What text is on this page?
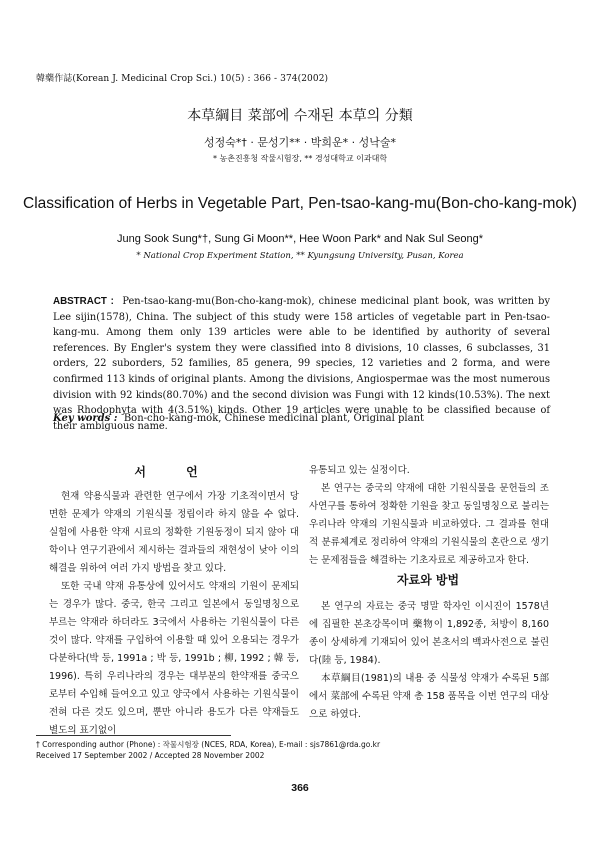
韓藥作誌(Korean J. Medicinal Crop Sci.) 10(5) : 366 - 374(2002)
本草綱目 菜部에 수재된 本草의 分類
성정숙*† · 문성기** · 박희운* · 성낙술*
* 농촌진흥청 작물시험장, ** 경성대학교 이과대학
Classification of Herbs in Vegetable Part, Pen-tsao-kang-mu(Bon-cho-kang-mok)
Jung Sook Sung*†, Sung Gi Moon**, Hee Woon Park* and Nak Sul Seong*
* National Crop Experiment Station, ** Kyungsung University, Pusan, Korea
ABSTRACT : Pen-tsao-kang-mu(Bon-cho-kang-mok), chinese medicinal plant book, was written by Lee sijin(1578), China. The subject of this study were 158 articles of vegetable part in Pen-tsao-kang-mu. Among them only 139 articles were able to be identified by authority of several references. By Engler's system they were classified into 8 divisions, 10 classes, 6 subclasses, 31 orders, 22 suborders, 52 families, 85 genera, 99 species, 12 varieties and 2 forma, and were confirmed 113 kinds of original plants. Among the divisions, Angiospermae was the most numerous division with 92 kinds(80.70%) and the second division was Fungi with 12 kinds(10.53%). The next was Rhodophyta with 4(3.51%) kinds. Other 19 articles were unable to be classified because of their ambiguous name.
Key words : Bon-cho-kang-mok, Chinese medicinal plant, Original plant
서 언

현재 약용식물과 관련한 연구에서 가장 기초적이면서 당면한 문제가 약재의 기원식물 정립이라 하지 않을 수 없다. 실험에 사용한 약재 시료의 정확한 기원동정이 되지 않아 대학이나 연구기관에서 제시하는 결과들의 재현성이 낮아 이의 해결을 위하여 여러 가지 방법을 찾고 있다.

또한 국내 약재 유통상에 있어서도 약재의 기원이 문제되는 경우가 많다. 중국, 한국 그리고 일본에서 동일명칭으로 부르는 약재라 하더라도 3국에서 사용하는 기원식물이 다른 것이 많다. 약재를 구입하여 이용할 때 있어 오용되는 경우가 다분하다(박 등, 1991a ; 박 등, 1991b ; 柳, 1992 ; 韓 등, 1996). 특히 우리나라의 경우는 대부분의 한약재를 중국으로부터 수입해 들여오고 있고 양국에서 사용하는 기원식물이 전혀 다른 것도 있으며, 뿐만 아니라 용도가 다른 약재들도 별도의 표기없이

유통되고 있는 실정이다.

본 연구는 중국의 약재에 대한 기원식물을 문헌들의 조사연구를 통하여 정확한 기원을 찾고 동일명칭으로 불리는 우리나라 약재의 기원식물과 비교하였다. 그 결과를 현대적 분류체계로 정리하여 약재의 기원식물의 혼란으로 생기는 문제점들을 해결하는 기초자료로 제공하고자 한다.

자료와 방법

본 연구의 자료는 중국 명말 학자인 이시진이 1578년에 집필한 본초강목이며 藥物이 1,892종, 처방이 8,160종이 상세하게 기재되어 있어 본초서의 백과사전으로 불린다(陸 등, 1984).

本草綱目(1981)의 내용 중 식물성 약재가 수록된 5部에서 菜部에 수록된 약재 총 158 품목을 이번 연구의 대상으로 하였다.

† Corresponding author (Phone) : 작물시험장 (NCES, RDA, Korea), E-mail : sjs7861@rda.go.kr
Received 17 September 2002 / Accepted 28 November 2002
366
